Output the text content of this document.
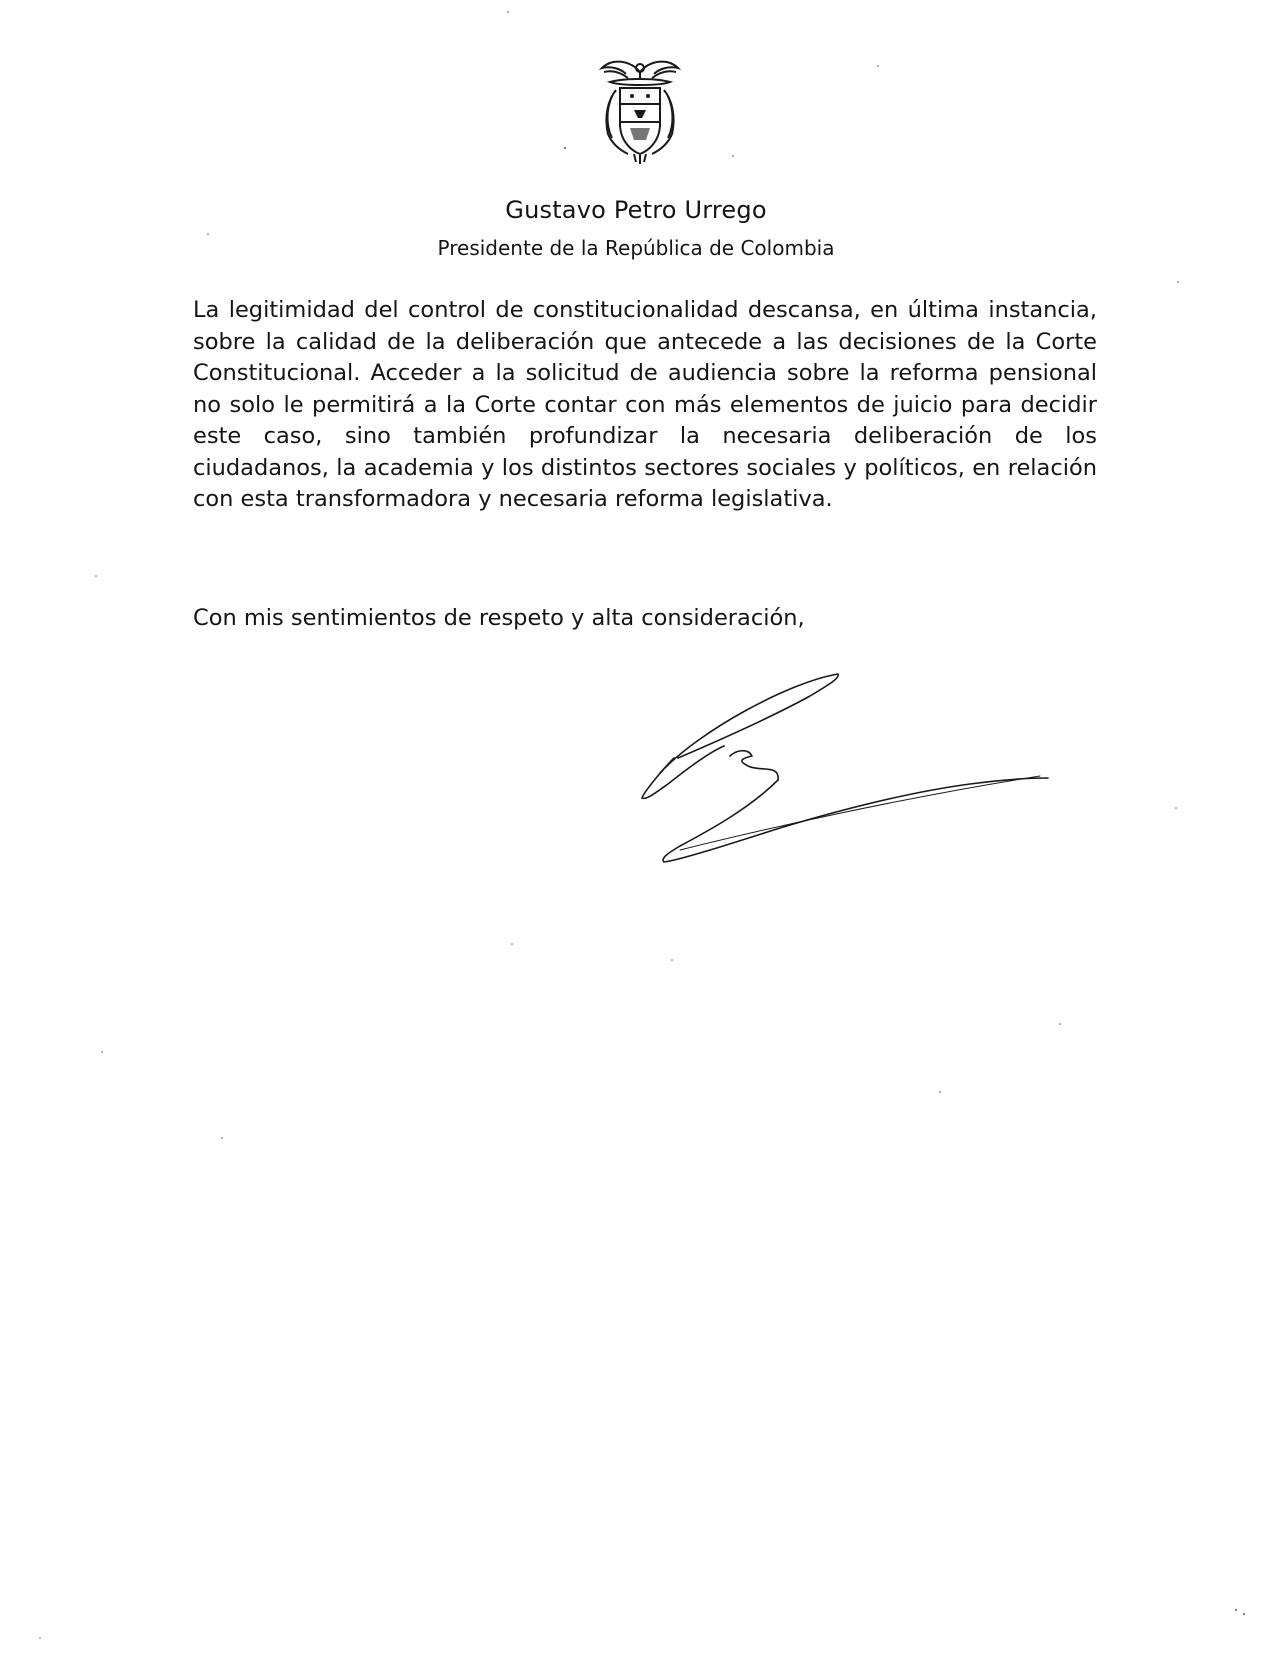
Gustavo Petro Urrego
Presidente de la República de Colombia

La legitimidad del control de constitucionalidad descansa, en última instancia, sobre la calidad de la deliberación que antecede a las decisiones de la Corte Constitucional. Acceder a la solicitud de audiencia sobre la reforma pensional no solo le permitirá a la Corte contar con más elementos de juicio para decidir este caso, sino también profundizar la necesaria deliberación de los ciudadanos, la academia y los distintos sectores sociales y políticos, en relación con esta transformadora y necesaria reforma legislativa.

Con mis sentimientos de respeto y alta consideración,
